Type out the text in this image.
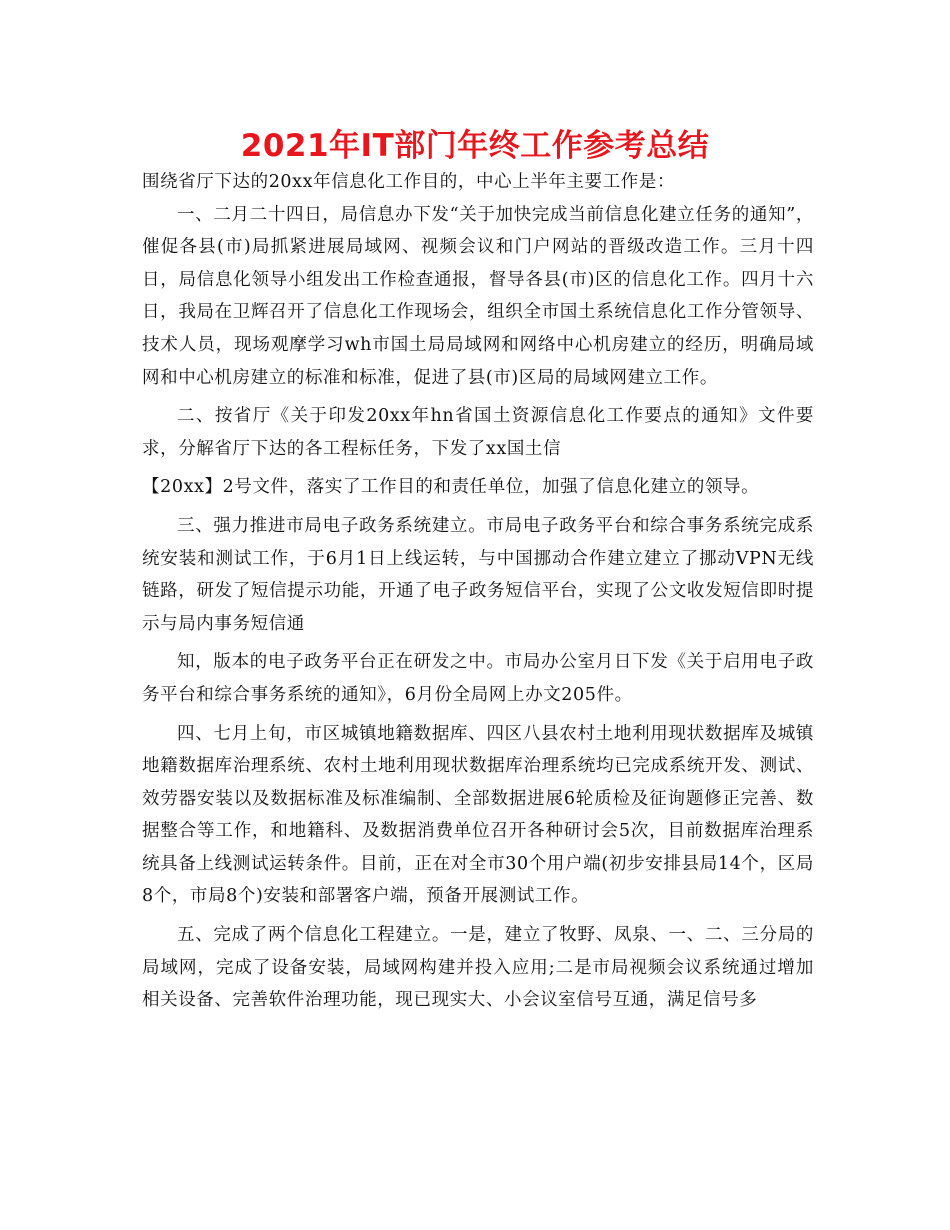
2021年IT部门年终工作参考总结

围绕省厅下达的20xx年信息化工作目的，中心上半年主要工作是：

一、二月二十四日，局信息办下发“关于加快完成当前信息化建立任务的通知”，催促各县(市)局抓紧进展局域网、视频会议和门户网站的晋级改造工作。三月十四日，局信息化领导小组发出工作检查通报，督导各县(市)区的信息化工作。四月十六日，我局在卫辉召开了信息化工作现场会，组织全市国土系统信息化工作分管领导、技术人员，现场观摩学习wh市国土局局域网和网络中心机房建立的经历，明确局域网和中心机房建立的标准和标准，促进了县(市)区局的局域网建立工作。

二、按省厅《关于印发20xx年hn省国土资源信息化工作要点的通知》文件要求，分解省厅下达的各工程标任务，下发了xx国土信

【20xx】2号文件，落实了工作目的和责任单位，加强了信息化建立的领导。

三、强力推进市局电子政务系统建立。市局电子政务平台和综合事务系统完成系统安装和测试工作，于6月1日上线运转，与中国挪动合作建立建立了挪动VPN无线链路，研发了短信提示功能，开通了电子政务短信平台，实现了公文收发短信即时提示与局内事务短信通

知，版本的电子政务平台正在研发之中。市局办公室月日下发《关于启用电子政务平台和综合事务系统的通知》，6月份全局网上办文205件。

四、七月上旬，市区城镇地籍数据库、四区八县农村土地利用现状数据库及城镇地籍数据库治理系统、农村土地利用现状数据库治理系统均已完成系统开发、测试、效劳器安装以及数据标准及标准编制、全部数据进展6轮质检及征询题修正完善、数据整合等工作，和地籍科、及数据消费单位召开各种研讨会5次，目前数据库治理系统具备上线测试运转条件。目前，正在对全市30个用户端(初步安排县局14个，区局8个，市局8个)安装和部署客户端，预备开展测试工作。

五、完成了两个信息化工程建立。一是，建立了牧野、凤泉、一、二、三分局的局域网，完成了设备安装，局域网构建并投入应用;二是市局视频会议系统通过增加相关设备、完善软件治理功能，现已现实大、小会议室信号互通，满足信号多
